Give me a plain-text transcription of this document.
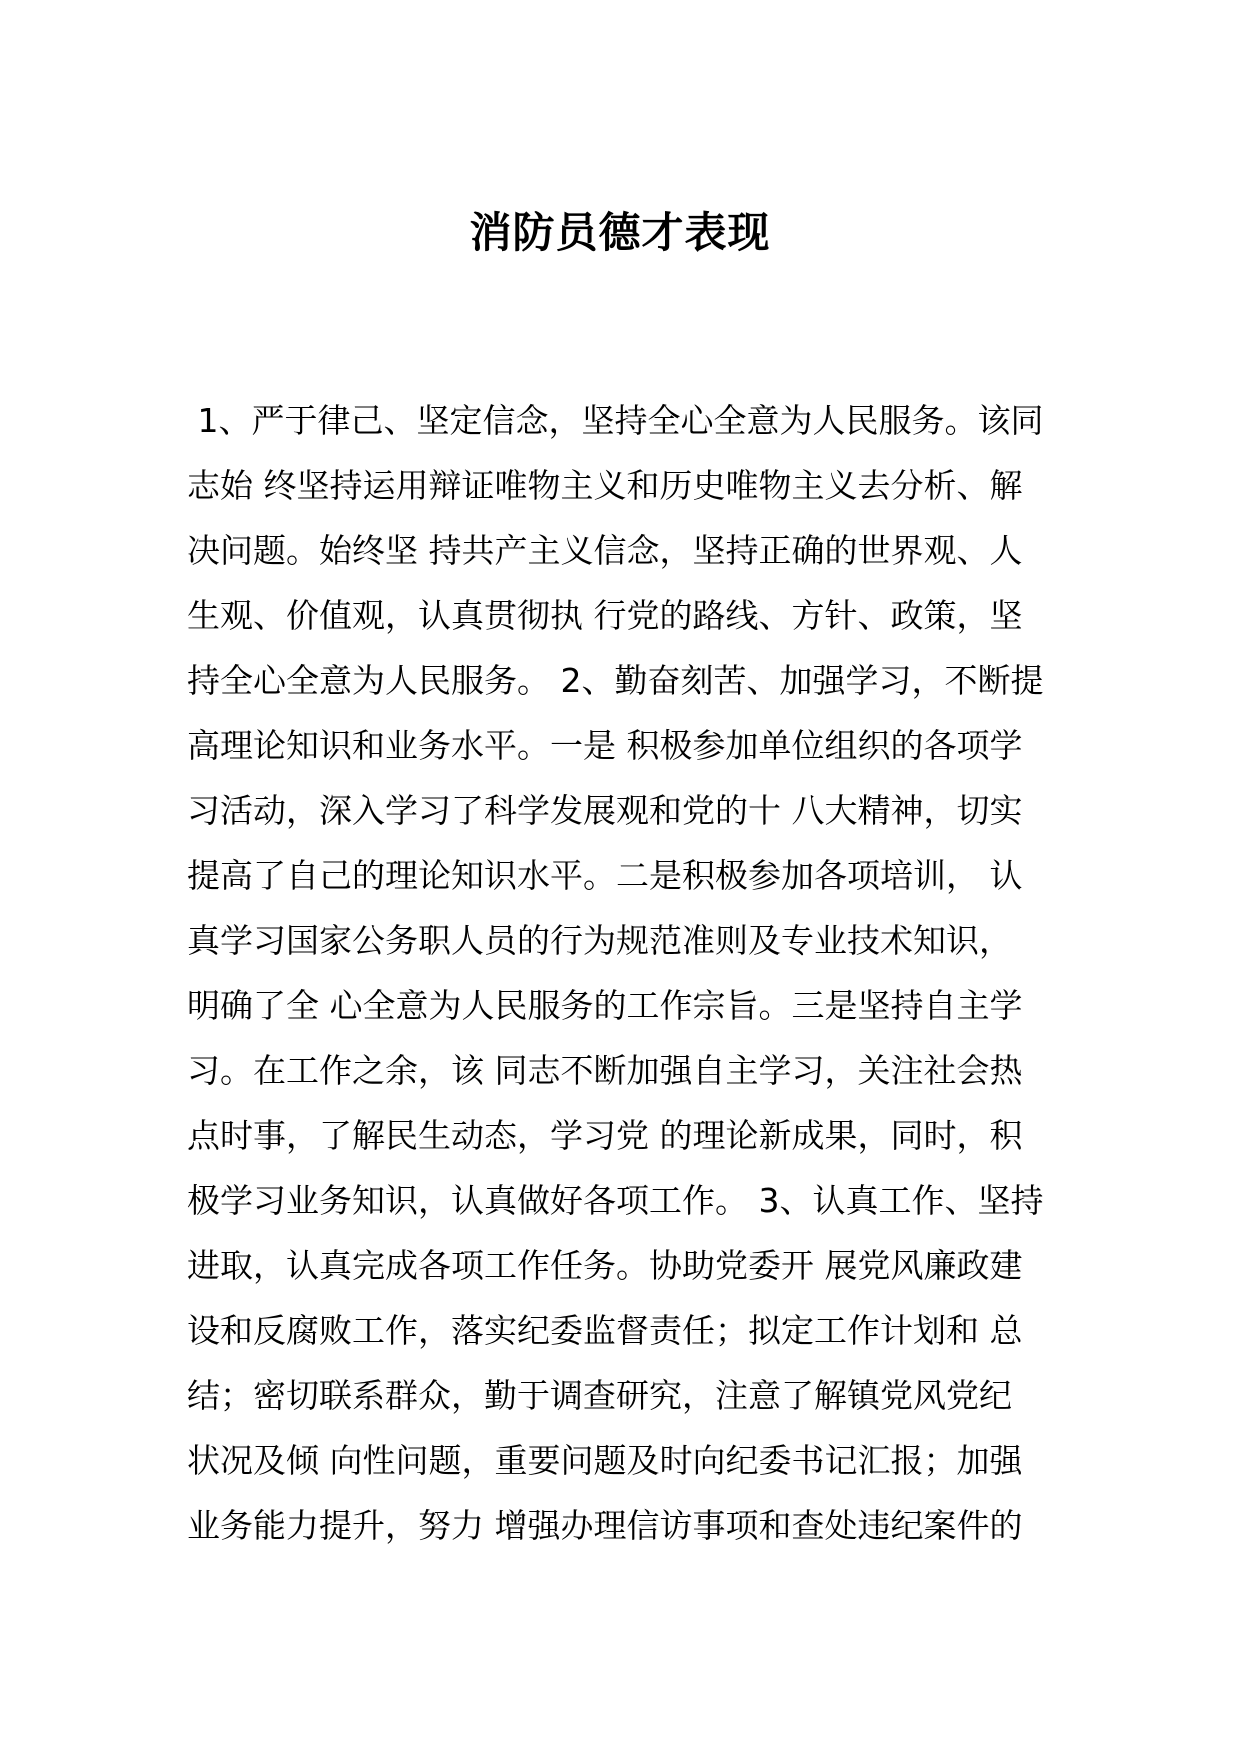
消防员德才表现
1、严于律己、坚定信念，坚持全心全意为人民服务。该同
志始 终坚持运用辩证唯物主义和历史唯物主义去分析、解
决问题。始终坚 持共产主义信念，坚持正确的世界观、人
生观、价值观，认真贯彻执 行党的路线、方针、政策，坚
持全心全意为人民服务。 2、勤奋刻苦、加强学习，不断提
高理论知识和业务水平。一是 积极参加单位组织的各项学
习活动，深入学习了科学发展观和党的十 八大精神，切实
提高了自己的理论知识水平。二是积极参加各项培训， 认
真学习国家公务职人员的行为规范准则及专业技术知识，
明确了全 心全意为人民服务的工作宗旨。三是坚持自主学
习。在工作之余，该 同志不断加强自主学习，关注社会热
点时事，了解民生动态，学习党 的理论新成果，同时，积
极学习业务知识，认真做好各项工作。 3、认真工作、坚持
进取，认真完成各项工作任务。协助党委开 展党风廉政建
设和反腐败工作，落实纪委监督责任；拟定工作计划和 总
结；密切联系群众，勤于调查研究，注意了解镇党风党纪
状况及倾 向性问题，重要问题及时向纪委书记汇报；加强
业务能力提升，努力 增强办理信访事项和查处违纪案件的
